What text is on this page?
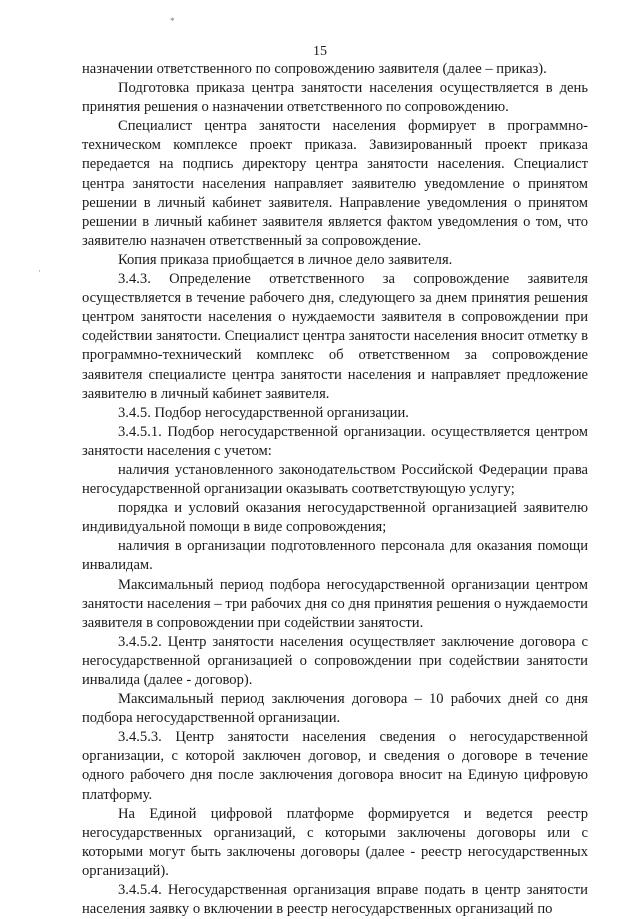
*
·
15

назначении ответственного по сопровождению заявителя (далее – приказ).

Подготовка приказа центра занятости населения осуществляется в день принятия решения о назначении ответственного по сопровождению.

Специалист центра занятости населения формирует в программно-техническом комплексе проект приказа. Завизированный проект приказа передается на подпись директору центра занятости населения. Специалист центра занятости населения направляет заявителю уведомление о принятом решении в личный кабинет заявителя. Направление уведомления о принятом решении в личный кабинет заявителя является фактом уведомления о том, что заявителю назначен ответственный за сопровождение.

Копия приказа приобщается в личное дело заявителя.

3.4.3. Определение ответственного за сопровождение заявителя осуществляется в течение рабочего дня, следующего за днем принятия решения центром занятости населения о нуждаемости заявителя в сопровождении при содействии занятости. Специалист центра занятости населения вносит отметку в программно-технический комплекс об ответственном за сопровождение заявителя специалисте центра занятости населения и направляет предложение заявителю в личный кабинет заявителя.

3.4.5. Подбор негосударственной организации.

3.4.5.1. Подбор негосударственной организации. осуществляется центром занятости населения с учетом:

наличия установленного законодательством Российской Федерации права негосударственной организации оказывать соответствующую услугу;

порядка и условий оказания негосударственной организацией заявителю индивидуальной помощи в виде сопровождения;

наличия в организации подготовленного персонала для оказания помощи инвалидам.

Максимальный период подбора негосударственной организации центром занятости населения – три рабочих дня со дня принятия решения о нуждаемости заявителя в сопровождении при содействии занятости.

3.4.5.2. Центр занятости населения осуществляет заключение договора с негосударственной организацией о сопровождении при содействии занятости инвалида (далее - договор).

Максимальный период заключения договора – 10 рабочих дней со дня подбора негосударственной организации.

3.4.5.3. Центр занятости населения сведения о негосударственной организации, с которой заключен договор, и сведения о договоре в течение одного рабочего дня после заключения договора вносит на Единую цифровую платформу.

На Единой цифровой платформе формируется и ведется реестр негосударственных организаций, с которыми заключены договоры или с которыми могут быть заключены договоры (далее - реестр негосударственных организаций).

3.4.5.4. Негосударственная организация вправе подать в центр занятости населения заявку о включении в реестр негосударственных организаций по
